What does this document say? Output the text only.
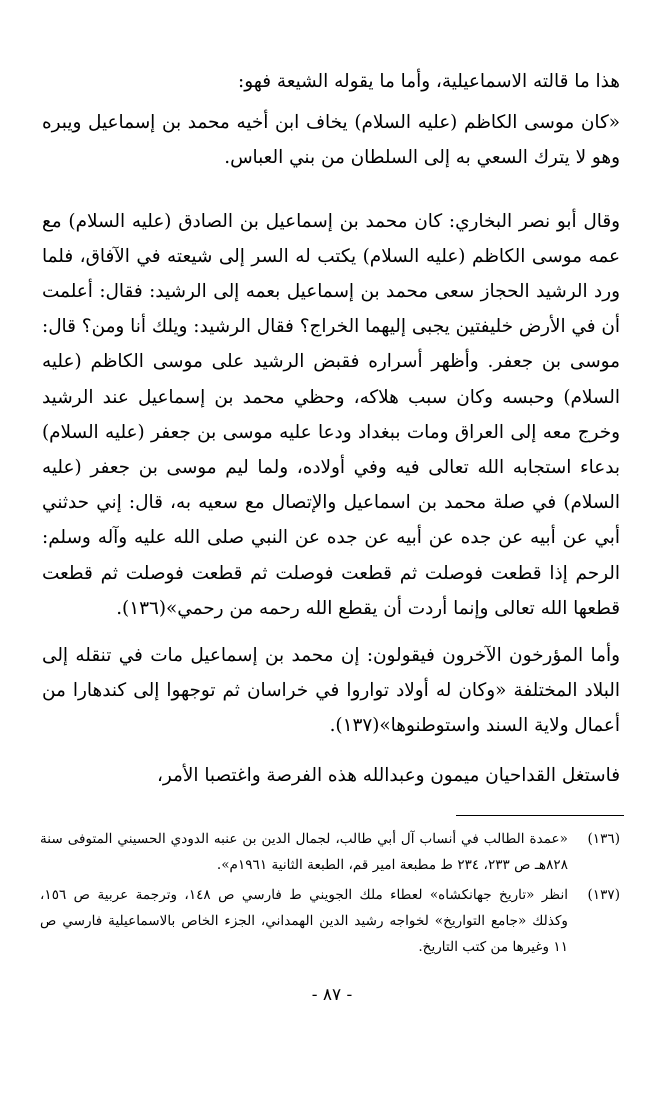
هذا ما قالته الاسماعيلية، وأما ما يقوله الشيعة فهو:

«كان موسى الكاظم (عليه السلام) يخاف ابن أخيه محمد بن إسماعيل ويبره وهو لا يترك السعي به إلى السلطان من بني العباس.

وقال أبو نصر البخاري: كان محمد بن إسماعيل بن الصادق (عليه السلام) مع عمه موسى الكاظم (عليه السلام) يكتب له السر إلى شيعته في الآفاق، فلما ورد الرشيد الحجاز سعى محمد بن إسماعيل بعمه إلى الرشيد: فقال: أعلمت أن في الأرض خليفتين يجبى إليهما الخراج؟ فقال الرشيد: ويلك أنا ومن؟ قال: موسى بن جعفر. وأظهر أسراره فقبض الرشيد على موسى الكاظم (عليه السلام) وحبسه وكان سبب هلاكه، وحظي محمد بن إسماعيل عند الرشيد وخرج معه إلى العراق ومات ببغداد ودعا عليه موسى بن جعفر (عليه السلام) بدعاء استجابه الله تعالى فيه وفي أولاده، ولما ليم موسى بن جعفر (عليه السلام) في صلة محمد بن اسماعيل والإتصال مع سعيه به، قال: إني حدثني أبي عن أبيه عن جده عن أبيه عن جده عن النبي صلى الله عليه وآله وسلم: الرحم إذا قطعت فوصلت ثم قطعت فوصلت ثم قطعت فوصلت ثم قطعت قطعها الله تعالى وإنما أردت أن يقطع الله رحمه من رحمي»(١٣٦).

وأما المؤرخون الآخرون فيقولون: إن محمد بن إسماعيل مات في تنقله إلى البلاد المختلفة «وكان له أولاد تواروا في خراسان ثم توجهوا إلى كندهارا من أعمال ولاية السند واستوطنوها»(١٣٧).

فاستغل القداحيان ميمون وعبدالله هذه الفرصة واغتصبا الأمر،

(١٣٦)
«عمدة الطالب في أنساب آل أبي طالب، لجمال الدين بن عنبه الدودي الحسيني المتوفى سنة ٨٢٨هـ ص ٢٣٣، ٢٣٤ ط مطبعة امير قم، الطبعة الثانية ١٩٦١م».
(١٣٧)
انظر «تاريخ جهانكشاه» لعطاء ملك الجويني ط فارسي ص ١٤٨، وترجمة عربية ص ١٥٦، وكذلك «جامع التواريخ» لخواجه رشيد الدين الهمداني، الجزء الخاص بالاسماعيلية فارسي ص ١١ وغيرها من كتب التاريخ.
- ٨٧ -
